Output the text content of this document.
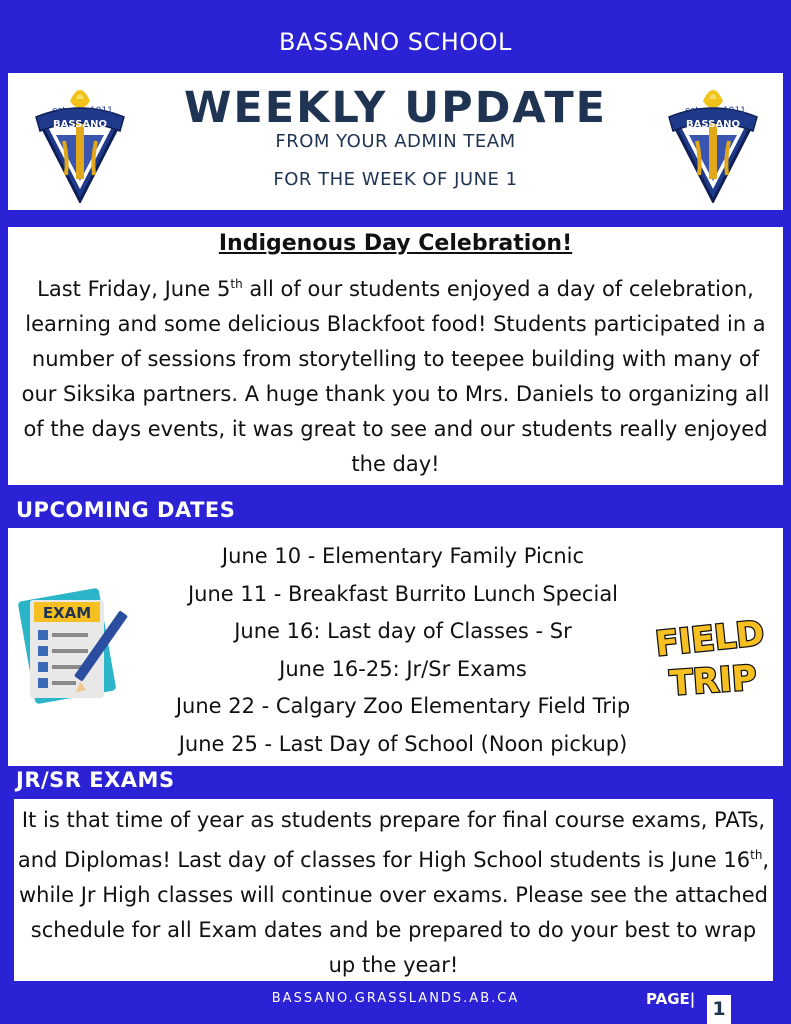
BASSANO SCHOOL
BASSANO
est. 1911	WEEKLY UPDATE
FROM YOUR ADMIN TEAM
FOR THE WEEK OF JUNE 1
BASSANO
est. 1911
Indigenous Day Celebration!

Last Friday, June 5th all of our students enjoyed a day of celebration, learning and some delicious Blackfoot food! Students participated in a number of sessions from storytelling to teepee building with many of our Siksika partners. A huge thank you to Mrs. Daniels to organizing all of the days events, it was great to see and our students really enjoyed the day!

UPCOMING DATES
EXAM
June 10 - Elementary Family Picnic
June 11 - Breakfast Burrito Lunch Special
June 16: Last day of Classes - Sr
June 16-25: Jr/Sr Exams
June 22 - Calgary Zoo Elementary Field Trip
June 25 - Last Day of School (Noon pickup)
FIELD
TRIP
JR/SR EXAMS

It is that time of year as students prepare for final course exams, PATs, and Diplomas! Last day of classes for High School students is June 16th, while Jr High classes will continue over exams. Please see the attached schedule for all Exam dates and be prepared to do your best to wrap up the year!

BASSANO.GRASSLANDS.AB.CA	PAGE| 1
